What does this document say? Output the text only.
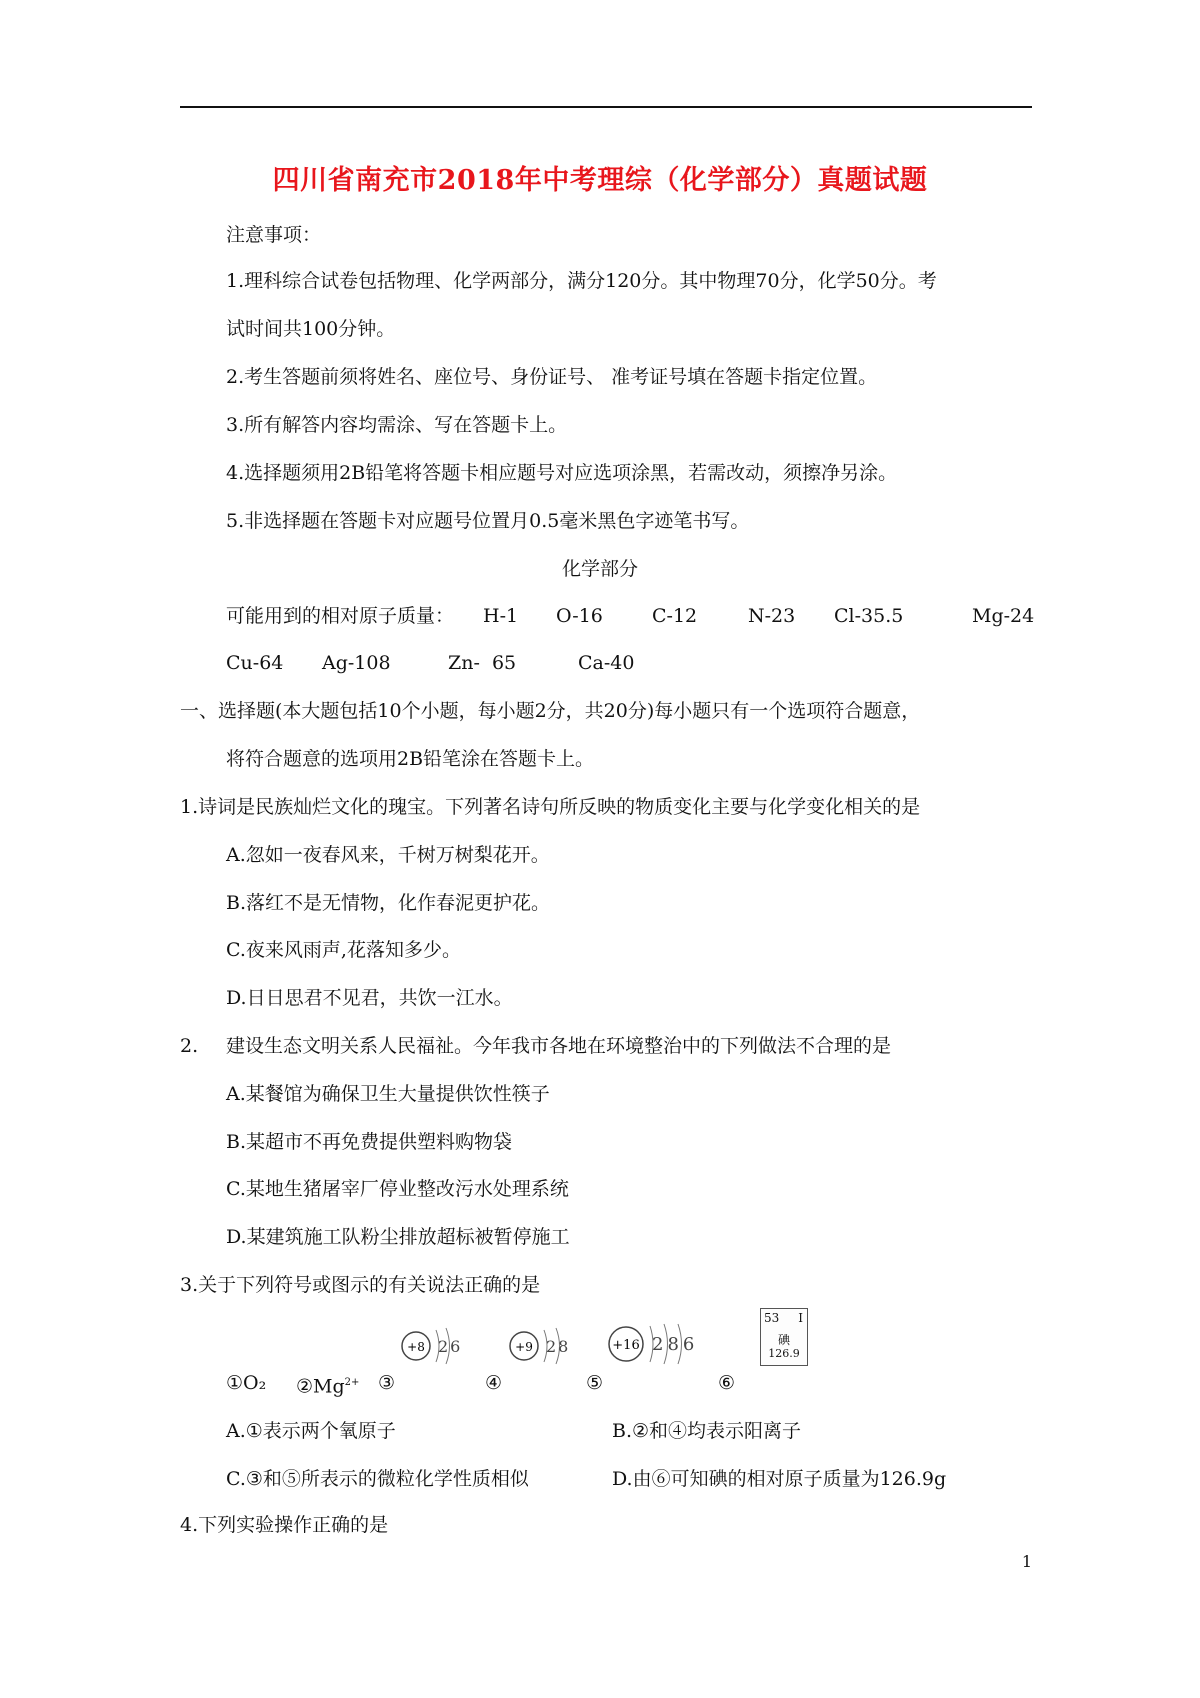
四川省南充市2018年中考理综（化学部分）真题试题
注意事项：
1.理科综合试卷包括物理、化学两部分，满分120分。其中物理70分，化学50分。考
试时间共100分钟。
2.考生答题前须将姓名、座位号、身份证号、 准考证号填在答题卡指定位置。
3.所有解答内容均需涂、写在答题卡上。
4.选择题须用2B铅笔将答题卡相应题号对应选项涂黑，若需改动，须擦净另涂。
5.非选择题在答题卡对应题号位置月0.5毫米黑色字迹笔书写。
化学部分
可能用到的相对原子质量： H-1 O-16	C-12	N-23 Cl-35.5	Mg-24
Cu-64 Ag-108	Zn-  65	Ca-40
一、选择题(本大题包括10个小题，每小题2分，共20分)每小题只有一个选项符合题意，
将符合题意的选项用2B铅笔涂在答题卡上。
1.诗词是民族灿烂文化的瑰宝。下列著名诗句所反映的物质变化主要与化学变化相关的是
A.忽如一夜春风来，千树万树梨花开。
B.落红不是无情物，化作春泥更护花。
C.夜来风雨声,花落知多少。
D.日日思君不见君，共饮一江水。
2. 建设生态文明关系人民福祉。今年我市各地在环境整治中的下列做法不合理的是
A.某餐馆为确保卫生大量提供饮性筷子
B.某超市不再免费提供塑料购物袋
C.某地生猪屠宰厂停业整改污水处理系统
D.某建筑施工队粉尘排放超标被暂停施工
3.关于下列符号或图示的有关说法正确的是
①O₂ $②Mg^{2+}$ ③	④	⑤	⑥
+8 26	+9 28	+16 286
53 I
碘
126.9
A.①表示两个氧原子	B.②和④均表示阳离子
C.③和⑤所表示的微粒化学性质相似	D.由⑥可知碘的相对原子质量为126.9g
4.下列实验操作正确的是
1
